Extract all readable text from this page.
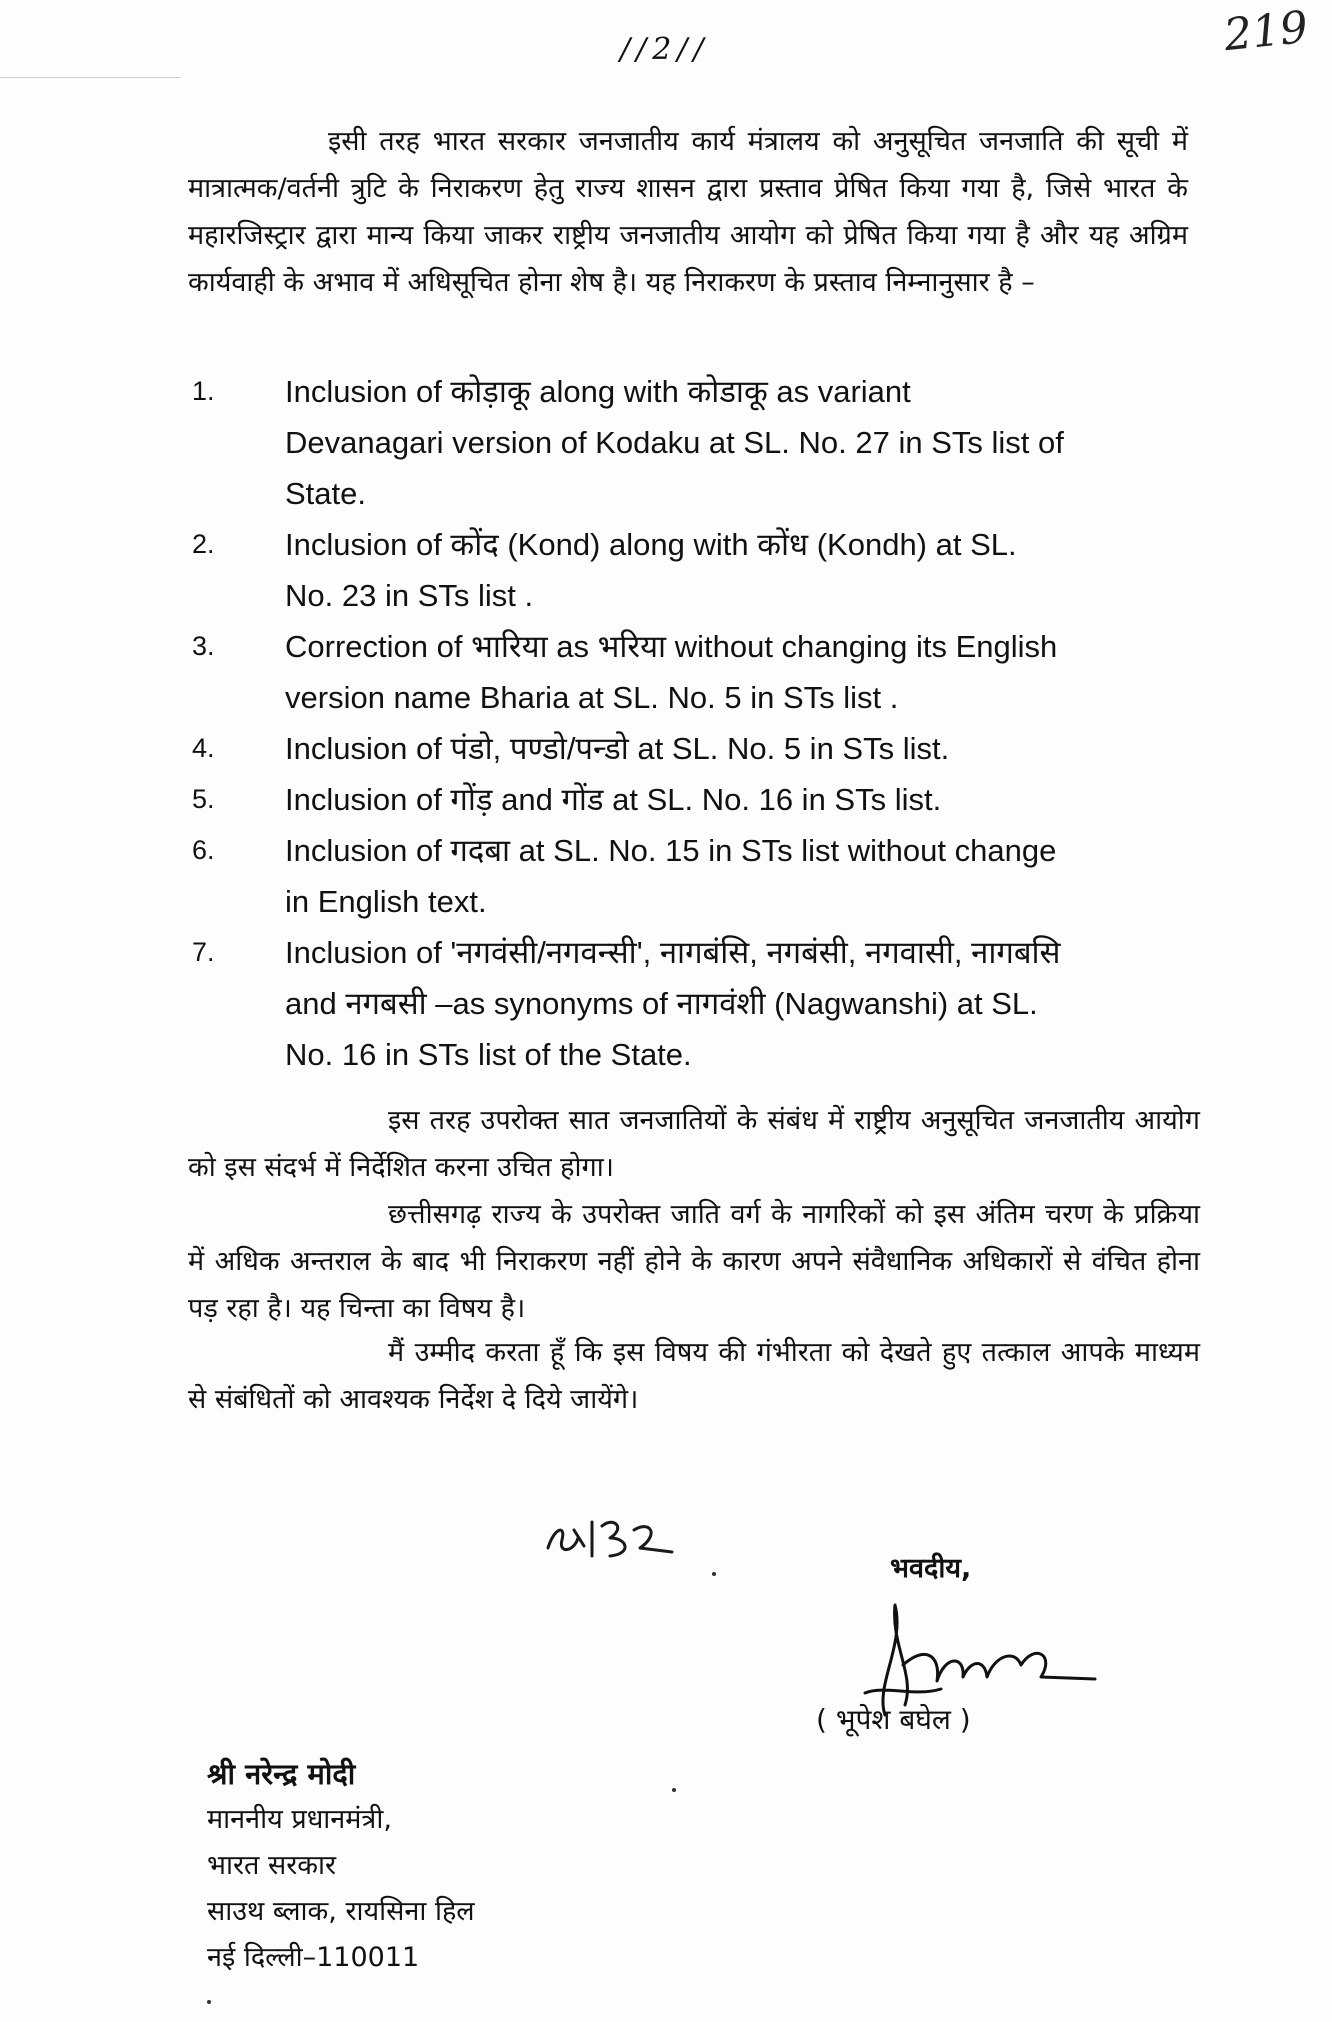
//2//	219

इसी तरह भारत सरकार जनजातीय कार्य मंत्रालय को अनुसूचित जनजाति की सूची में मात्रात्मक/वर्तनी त्रुटि के निराकरण हेतु राज्य शासन द्वारा प्रस्ताव प्रेषित किया गया है, जिसे भारत के महारजिस्ट्रार द्वारा मान्य किया जाकर राष्ट्रीय जनजातीय आयोग को प्रेषित किया गया है और यह अग्रिम कार्यवाही के अभाव में अधिसूचित होना शेष है। यह निराकरण के प्रस्ताव निम्नानुसार है –

1.	Inclusion of कोड़ाकू along with कोडाकू as variant Devanagari version of Kodaku at SL. No. 27 in STs list of State.
2.	Inclusion of कोंद (Kond) along with कोंध (Kondh) at SL. No. 23 in STs list .
3.	Correction of भारिया as भरिया without changing its English version name Bharia at SL. No. 5 in STs list .
4.	Inclusion of पंडो, पण्डो/पन्डो at SL. No. 5 in STs list.
5.	Inclusion of गोंड़ and गोंड at SL. No. 16 in STs list.
6.	Inclusion of गदबा at SL. No. 15 in STs list without change in English text.
7.	Inclusion of 'नगवंसी/नगवन्सी', नागबंसि, नगबंसी, नगवासी, नागबसि and नगबसी –as synonyms of नागवंशी (Nagwanshi) at SL. No. 16 in STs list of the State.

इस तरह उपरोक्त सात जनजातियों के संबंध में राष्ट्रीय अनुसूचित जनजातीय आयोग को इस संदर्भ में निर्देशित करना उचित होगा।

छत्तीसगढ़ राज्य के उपरोक्त जाति वर्ग के नागरिकों को इस अंतिम चरण के प्रक्रिया में अधिक अन्तराल के बाद भी निराकरण नहीं होने के कारण अपने संवैधानिक अधिकारों से वंचित होना पड़ रहा है। यह चिन्ता का विषय है।

मैं उम्मीद करता हूँ कि इस विषय की गंभीरता को देखते हुए तत्काल आपके माध्यम से संबंधितों को आवश्यक निर्देश दे दिये जायेंगे।

भवदीय,
( भूपेश बघेल )
श्री नरेन्द्र मोदी
माननीय प्रधानमंत्री,
भारत सरकार
साउथ ब्लाक, रायसिना हिल
नई दिल्ली–110011
